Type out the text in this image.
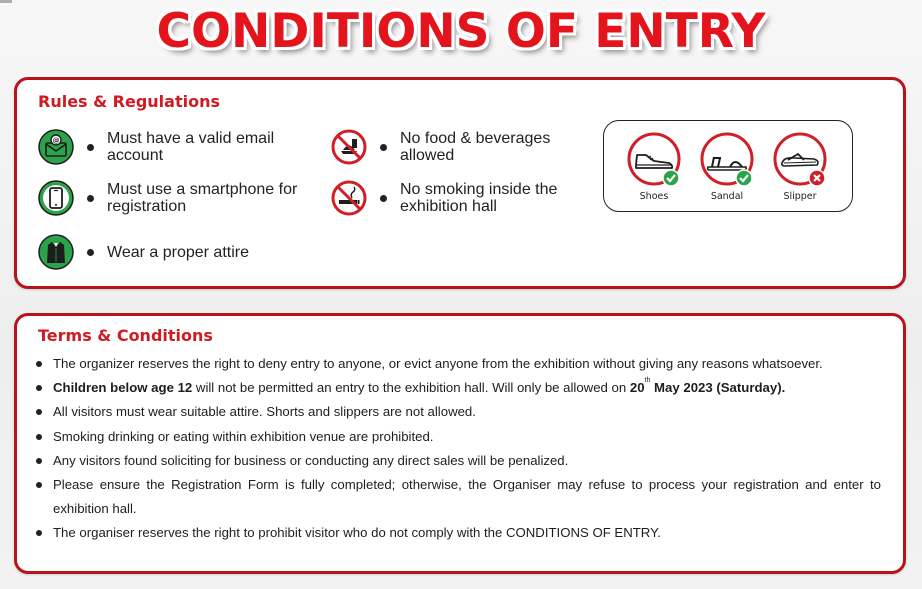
CONDITIONS OF ENTRY
Rules & Regulations
@	Must have a valid email account
Must use a smartphone for registration
Wear a proper attire
No food & beverages allowed
No smoking inside the exhibition hall
Shoes	Sandal	Slipper
Terms & Conditions
The organizer reserves the right to deny entry to anyone, or evict anyone from the exhibition without giving any reasons whatsoever.
Children below age 12 will not be permitted an entry to the exhibition hall. Will only be allowed on 20th May 2023 (Saturday).
All visitors must wear suitable attire. Shorts and slippers are not allowed.
Smoking drinking or eating within exhibition venue are prohibited.
Any visitors found soliciting for business or conducting any direct sales will be penalized.
Please ensure the Registration Form is fully completed; otherwise, the Organiser may refuse to process your registration and enter to exhibition hall.
The organiser reserves the right to prohibit visitor who do not comply with the CONDITIONS OF ENTRY.
